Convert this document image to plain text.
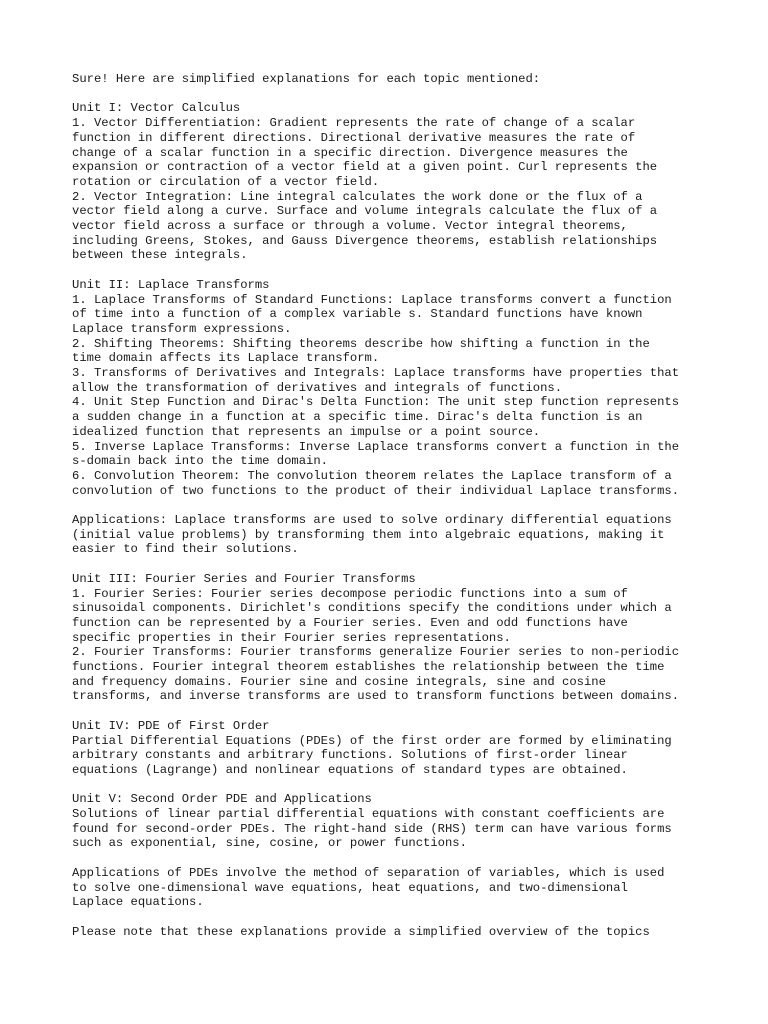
Sure! Here are simplified explanations for each topic mentioned:
Unit I: Vector Calculus
1. Vector Differentiation: Gradient represents the rate of change of a scalar
function in different directions. Directional derivative measures the rate of
change of a scalar function in a specific direction. Divergence measures the
expansion or contraction of a vector field at a given point. Curl represents the
rotation or circulation of a vector field.
2. Vector Integration: Line integral calculates the work done or the flux of a
vector field along a curve. Surface and volume integrals calculate the flux of a
vector field across a surface or through a volume. Vector integral theorems,
including Greens, Stokes, and Gauss Divergence theorems, establish relationships
between these integrals.
Unit II: Laplace Transforms
1. Laplace Transforms of Standard Functions: Laplace transforms convert a function
of time into a function of a complex variable s. Standard functions have known
Laplace transform expressions.
2. Shifting Theorems: Shifting theorems describe how shifting a function in the
time domain affects its Laplace transform.
3. Transforms of Derivatives and Integrals: Laplace transforms have properties that
allow the transformation of derivatives and integrals of functions.
4. Unit Step Function and Dirac's Delta Function: The unit step function represents
a sudden change in a function at a specific time. Dirac's delta function is an
idealized function that represents an impulse or a point source.
5. Inverse Laplace Transforms: Inverse Laplace transforms convert a function in the
s-domain back into the time domain.
6. Convolution Theorem: The convolution theorem relates the Laplace transform of a
convolution of two functions to the product of their individual Laplace transforms.
Applications: Laplace transforms are used to solve ordinary differential equations
(initial value problems) by transforming them into algebraic equations, making it
easier to find their solutions.
Unit III: Fourier Series and Fourier Transforms
1. Fourier Series: Fourier series decompose periodic functions into a sum of
sinusoidal components. Dirichlet's conditions specify the conditions under which a
function can be represented by a Fourier series. Even and odd functions have
specific properties in their Fourier series representations.
2. Fourier Transforms: Fourier transforms generalize Fourier series to non-periodic
functions. Fourier integral theorem establishes the relationship between the time
and frequency domains. Fourier sine and cosine integrals, sine and cosine
transforms, and inverse transforms are used to transform functions between domains.
Unit IV: PDE of First Order
Partial Differential Equations (PDEs) of the first order are formed by eliminating
arbitrary constants and arbitrary functions. Solutions of first-order linear
equations (Lagrange) and nonlinear equations of standard types are obtained.
Unit V: Second Order PDE and Applications
Solutions of linear partial differential equations with constant coefficients are
found for second-order PDEs. The right-hand side (RHS) term can have various forms
such as exponential, sine, cosine, or power functions.
Applications of PDEs involve the method of separation of variables, which is used
to solve one-dimensional wave equations, heat equations, and two-dimensional
Laplace equations.
Please note that these explanations provide a simplified overview of the topics
